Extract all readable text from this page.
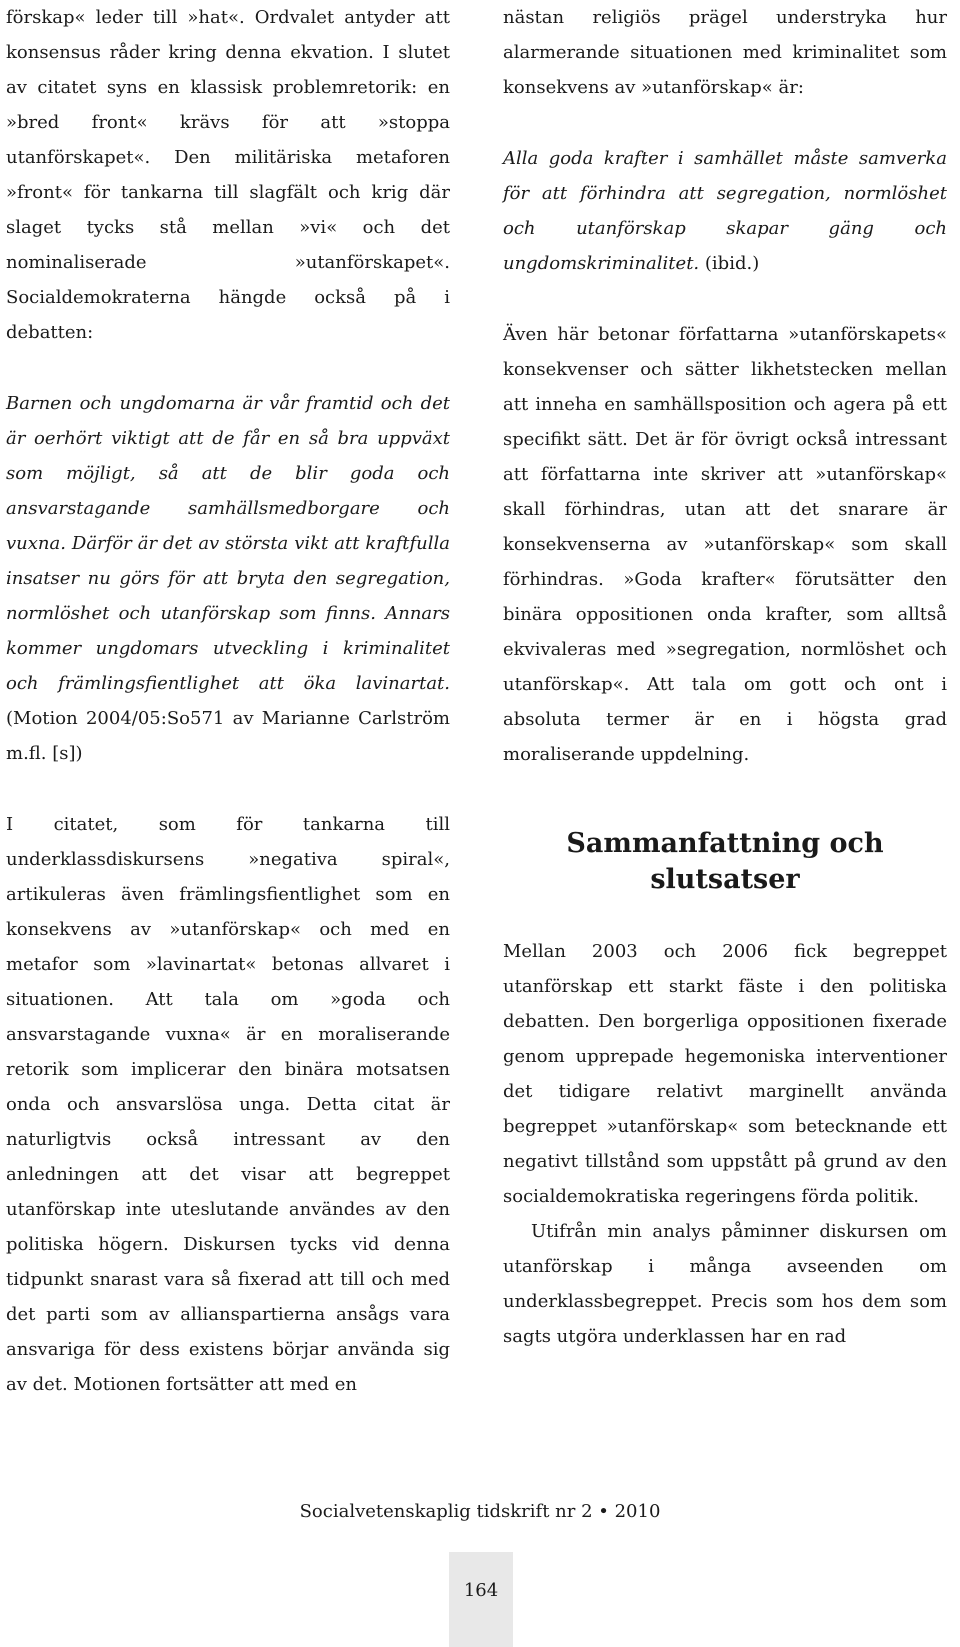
förskap« leder till »hat«. Ordvalet antyder att konsensus råder kring denna ekvation. I slutet av citatet syns en klassisk problemretorik: en »bred front« krävs för att »stoppa utanförskapet«. Den militäriska metaforen »front« för tankarna till slagfält och krig där slaget tycks stå mellan »vi« och det nominaliserade »utanförskapet«. Socialdemokraterna hängde också på i debatten:

Barnen och ungdomarna är vår framtid och det är oerhört viktigt att de får en så bra uppväxt som möjligt, så att de blir goda och ansvarstagande samhällsmedborgare och vuxna. Därför är det av största vikt att kraftfulla insatser nu görs för att bryta den segregation, normlöshet och utanförskap som finns. Annars kommer ungdomars utveckling i kriminalitet och främlingsfientlighet att öka lavinartat. (Motion 2004/05:So571 av Marianne Carlström m.fl. [s])

I citatet, som för tankarna till underklassdiskursens »negativa spiral«, artikuleras även främlingsfientlighet som en konsekvens av »utanförskap« och med en metafor som »lavinartat« betonas allvaret i situationen. Att tala om »goda och ansvarstagande vuxna« är en moraliserande retorik som implicerar den binära motsatsen onda och ansvarslösa unga. Detta citat är naturligtvis också intressant av den anledningen att det visar att begreppet utanförskap inte uteslutande användes av den politiska högern. Diskursen tycks vid denna tidpunkt snarast vara så fixerad att till och med det parti som av allianspartierna ansågs vara ansvariga för dess existens börjar använda sig av det. Motionen fortsätter att med en

nästan religiös prägel understryka hur alarmerande situationen med kriminalitet som konsekvens av »utanförskap« är:

Alla goda krafter i samhället måste samverka för att förhindra att segregation, normlöshet och utanförskap skapar gäng och ungdomskriminalitet. (ibid.)

Även här betonar författarna »utanförskapets« konsekvenser och sätter likhetstecken mellan att inneha en samhällsposition och agera på ett specifikt sätt. Det är för övrigt också intressant att författarna inte skriver att »utanförskap« skall förhindras, utan att det snarare är konsekvenserna av »utanförskap« som skall förhindras. »Goda krafter« förutsätter den binära oppositionen onda krafter, som alltså ekvivaleras med »segregation, normlöshet och utanförskap«. Att tala om gott och ont i absoluta termer är en i högsta grad moraliserande uppdelning.

Sammanfattning och slutsatser

Mellan 2003 och 2006 fick begreppet utanförskap ett starkt fäste i den politiska debatten. Den borgerliga oppositionen fixerade genom upprepade hegemoniska interventioner det tidigare relativt marginellt använda begreppet »utanförskap« som betecknande ett negativt tillstånd som uppstått på grund av den socialdemokratiska regeringens förda politik.

Utifrån min analys påminner diskursen om utanförskap i många avseenden om underklassbegreppet. Precis som hos dem som sagts utgöra underklassen har en rad

Socialvetenskaplig tidskrift nr 2 • 2010
164
